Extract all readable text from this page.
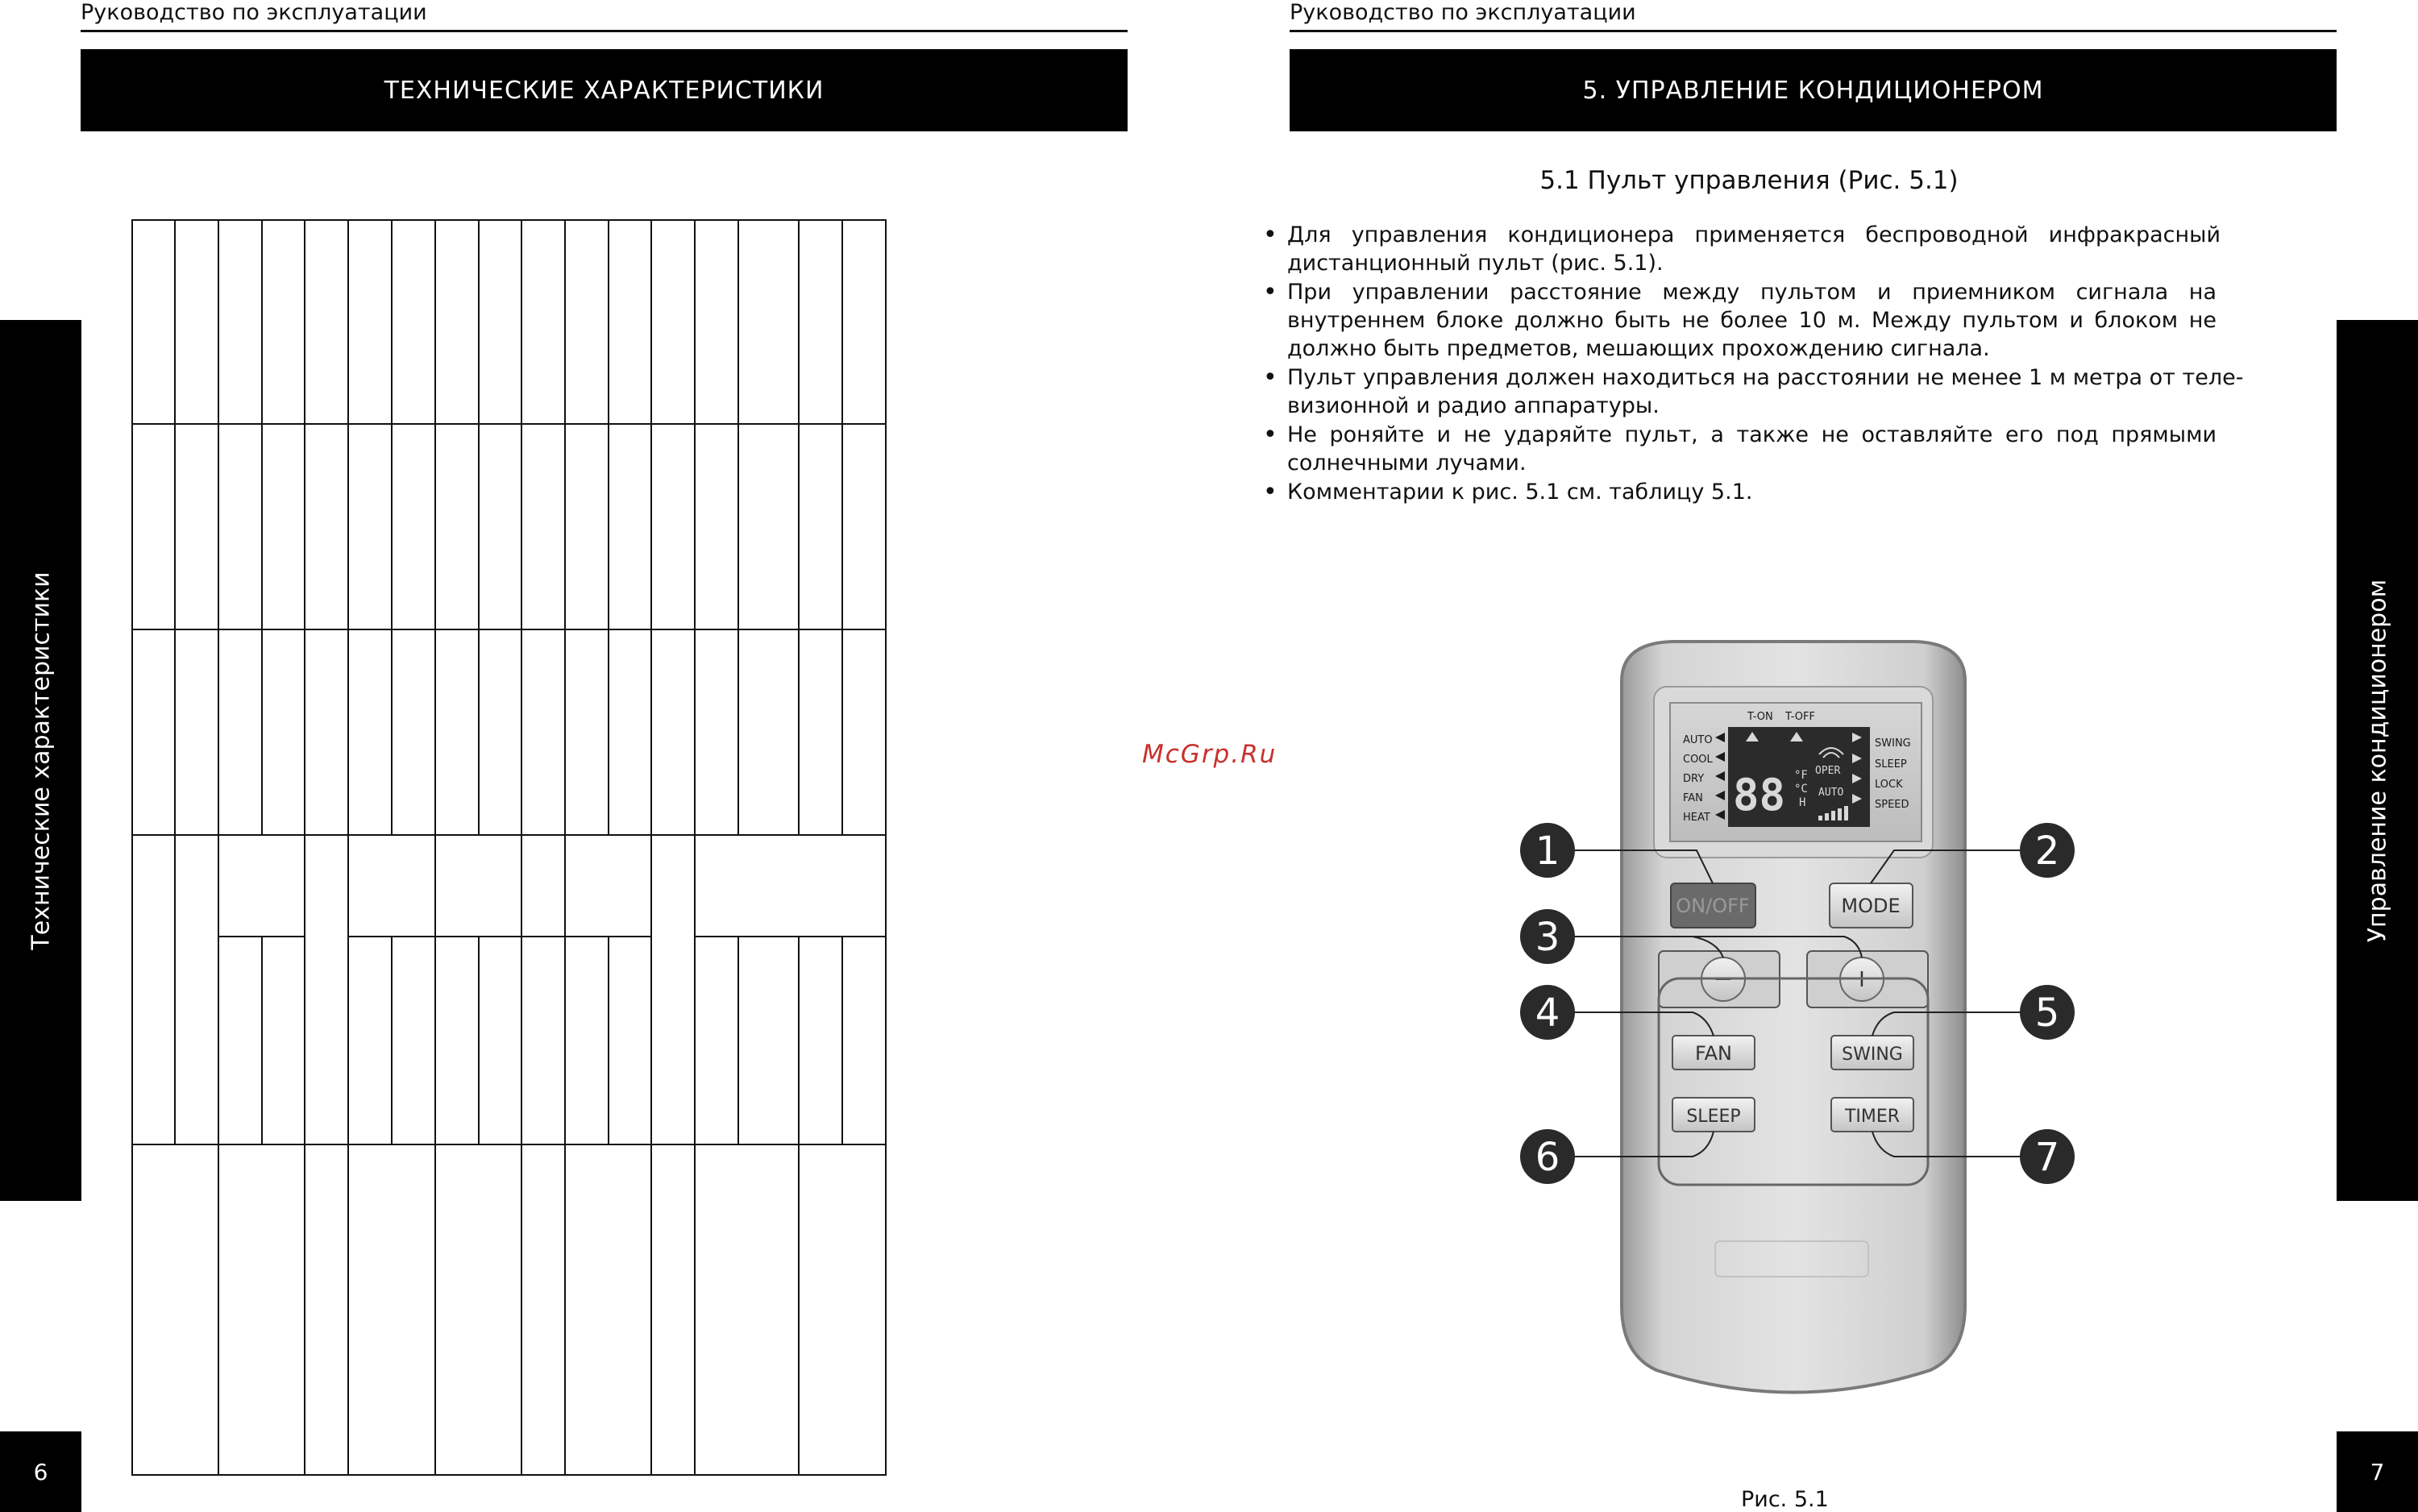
Руководство по эксплуатации
ТЕХНИЧЕСКИЕ ХАРАКТЕРИСТИКИ
Технические характеристики
6
Руководство по эксплуатации
5. УПРАВЛЕНИЕ КОНДИЦИОНЕРОМ
Управление кондиционером
7
5.1 Пульт управления (Рис. 5.1)
• Для управления кондиционера применяется беспроводной инфракрасный дистанционный пульт (рис. 5.1).
• При управлении расстояние между пультом и приемником сигнала на внутреннем блоке должно быть не более 10 м. Между пультом и блоком не должно быть предметов, мешающих прохождению сигнала.
• Пульт управления должен находиться на расстоянии не менее 1 м метра от теле-визионной и радио аппаратуры.
• Не роняйте и не ударяйте пульт, а также не оставляйте его под прямыми солнечными лучами.
• Комментарии к рис. 5.1 см. таблицу 5.1.
McGrp.Ru
T-ON T-OFF
AUTO
COOL
DRY
FAN
HEAT
SWING
SLEEP
LOCK
SPEED
88 °F
°C
H
OPER
AUTO
ON/OFF	MODE
−	+
FAN	SWING
SLEEP	TIMER
1	2
3
4	5
6	7
Рис. 5.1
